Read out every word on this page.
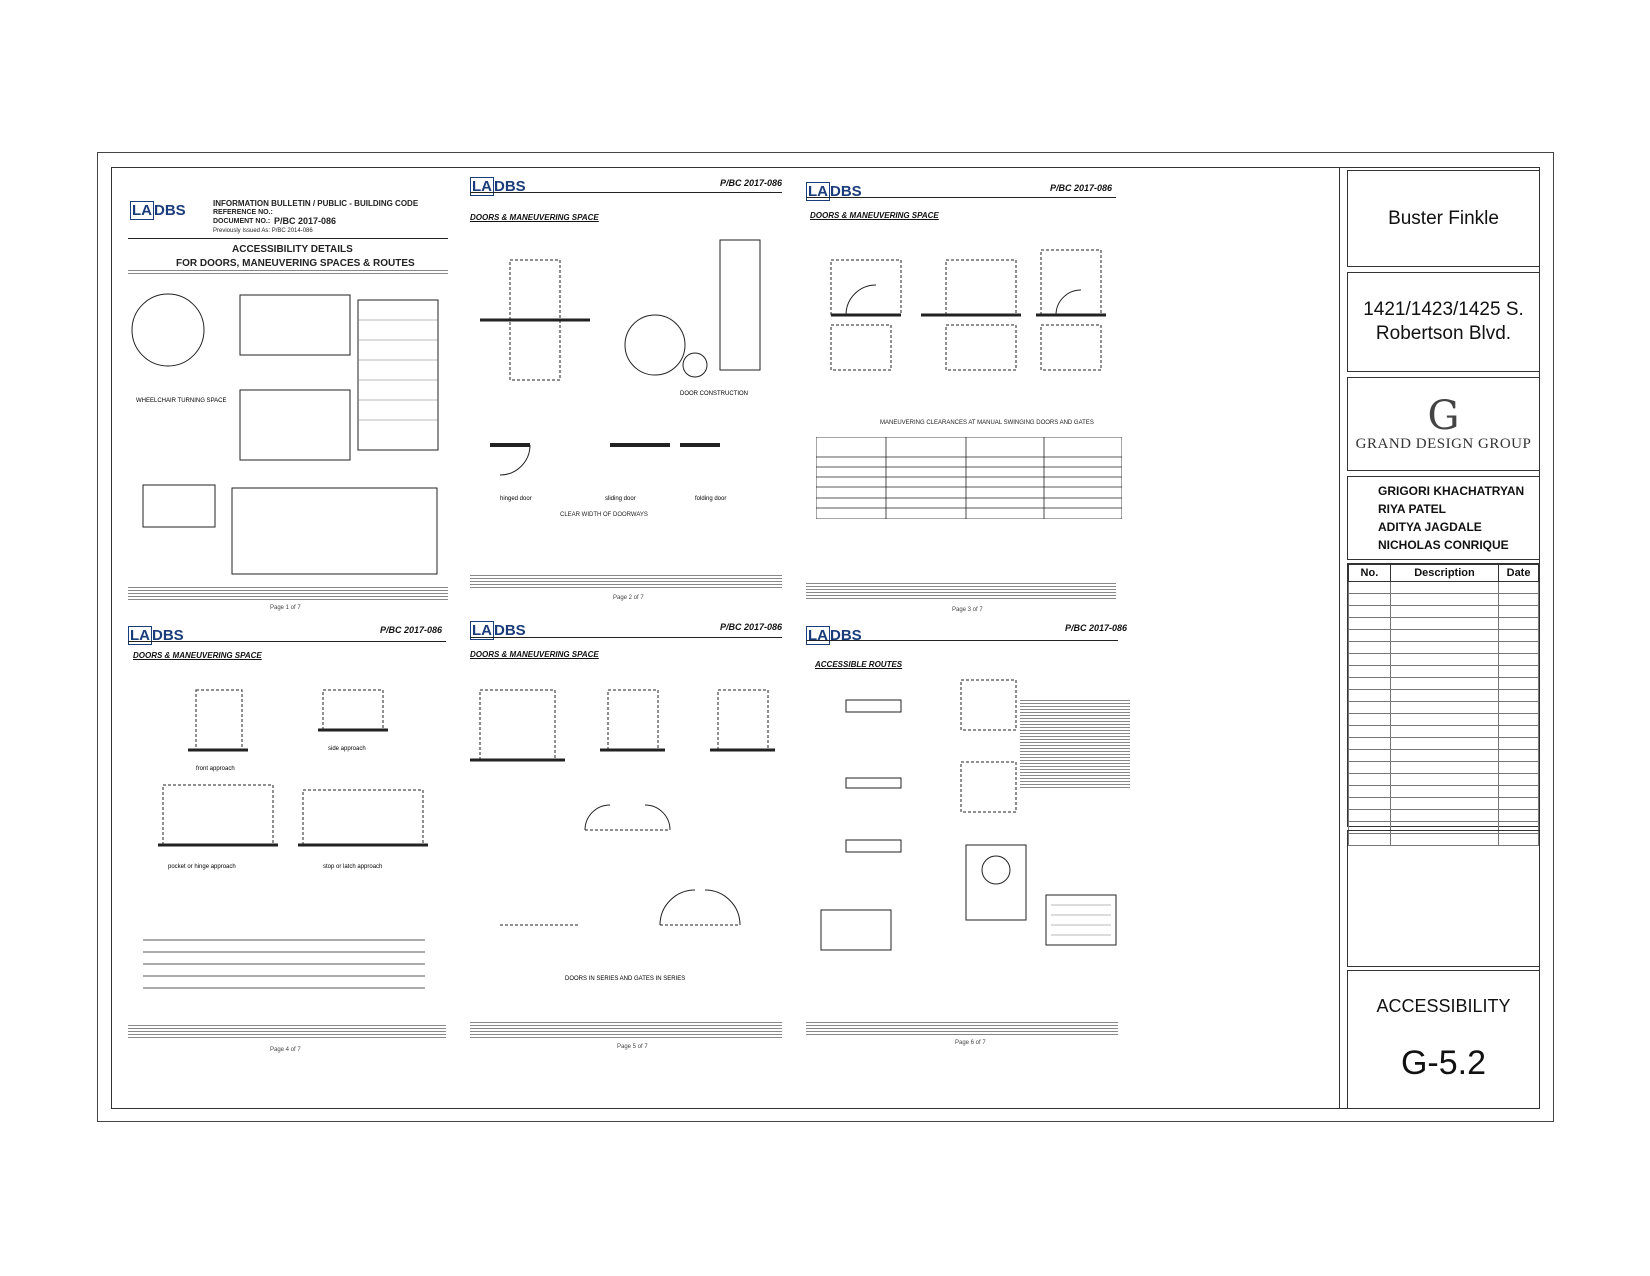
Buster Finkle
1421/1423/1425 S.
Robertson Blvd.
G
GRAND DESIGN GROUP
GRIGORI KHACHATRYAN
RIYA PATEL
ADITYA JAGDALE
NICHOLAS CONRIQUE
No.	Description	Date

ACCESSIBILITY
G-5.2
LA DBS	INFORMATION BULLETIN / PUBLIC - BUILDING CODE
REFERENCE NO.:
DOCUMENT NO.: P/BC 2017-086
Previously Issued As: P/BC 2014-086
ACCESSIBILITY DETAILS
FOR DOORS, MANEUVERING SPACES & ROUTES
WHEELCHAIR TURNING SPACE
Page 1 of 7
LA DBS	P/BC 2017-086
DOORS & MANEUVERING SPACE
hinged door	sliding door	folding door
DOOR CONSTRUCTION
CLEAR WIDTH OF DOORWAYS
Page 2 of 7
LA DBS	P/BC 2017-086
DOORS & MANEUVERING SPACE
MANEUVERING CLEARANCES AT MANUAL SWINGING DOORS AND GATES
Page 3 of 7
LA DBS	P/BC 2017-086
DOORS & MANEUVERING SPACE
front approach
side approach
pocket or hinge approach	stop or latch approach
Page 4 of 7
LA DBS	P/BC 2017-086
DOORS & MANEUVERING SPACE
DOORS IN SERIES AND GATES IN SERIES
Page 5 of 7
LA DBS	P/BC 2017-086
ACCESSIBLE ROUTES
Page 6 of 7
